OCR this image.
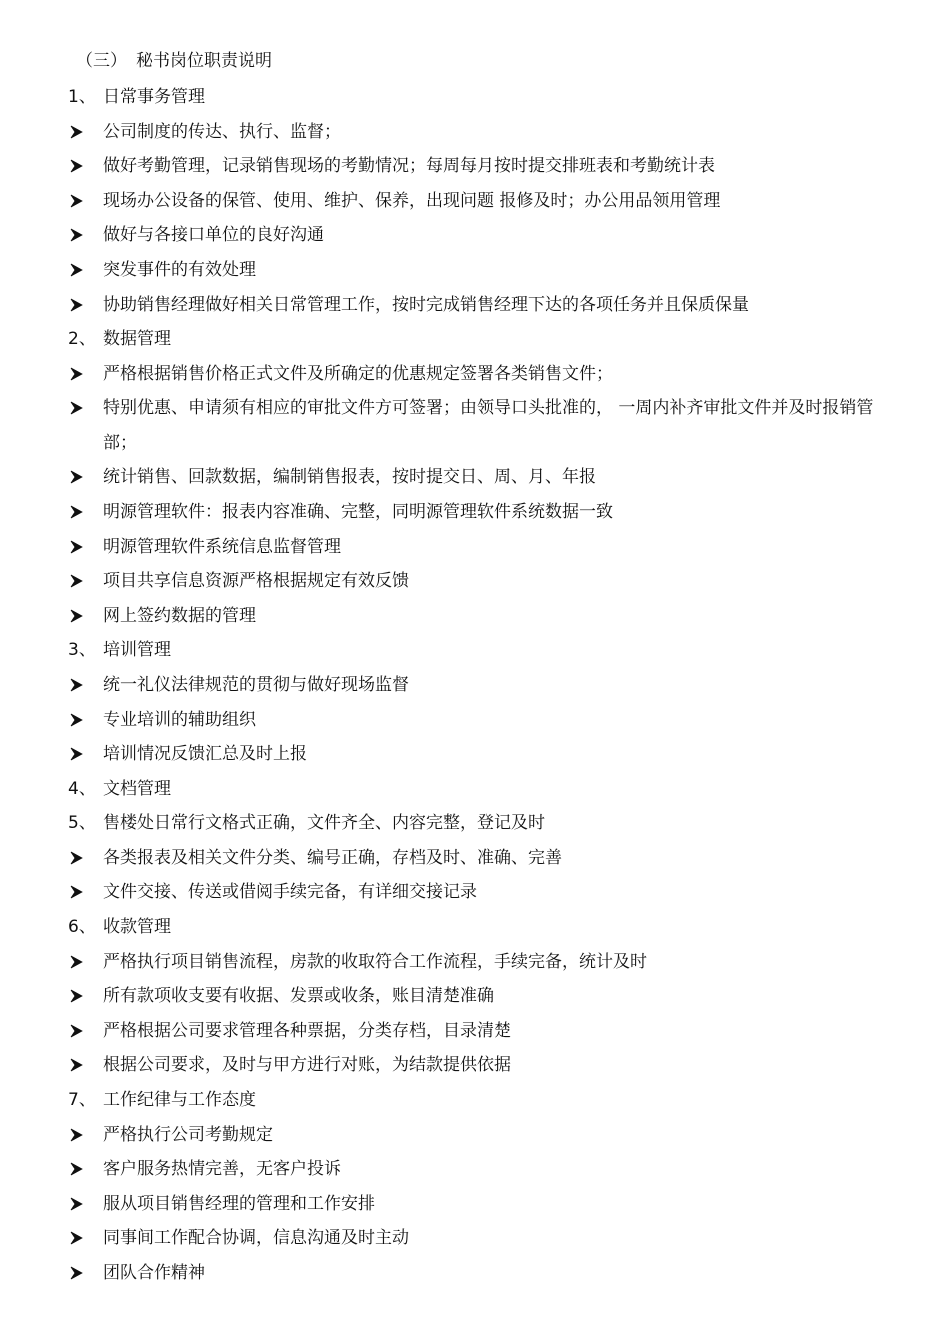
（三） 秘书岗位职责说明
1、 日常事务管理
公司制度的传达、执行、监督；
做好考勤管理，记录销售现场的考勤情况；每周每月按时提交排班表和考勤统计表
现场办公设备的保管、使用、维护、保养，出现问题 报修及时；办公用品领用管理
做好与各接口单位的良好沟通
突发事件的有效处理
协助销售经理做好相关日常管理工作，按时完成销售经理下达的各项任务并且保质保量
2、 数据管理
严格根据销售价格正式文件及所确定的优惠规定签署各类销售文件；
特别优惠、申请须有相应的审批文件方可签署；由领导口头批准的， 一周内补齐审批文件并及时报销管部；
统计销售、回款数据，编制销售报表，按时提交日、周、月、年报
明源管理软件：报表内容准确、完整，同明源管理软件系统数据一致
明源管理软件系统信息监督管理
项目共享信息资源严格根据规定有效反馈
网上签约数据的管理
3、 培训管理
统一礼仪法律规范的贯彻与做好现场监督
专业培训的辅助组织
培训情况反馈汇总及时上报
4、 文档管理
5、 售楼处日常行文格式正确，文件齐全、内容完整，登记及时
各类报表及相关文件分类、编号正确，存档及时、准确、完善
文件交接、传送或借阅手续完备，有详细交接记录
6、 收款管理
严格执行项目销售流程，房款的收取符合工作流程，手续完备，统计及时
所有款项收支要有收据、发票或收条，账目清楚准确
严格根据公司要求管理各种票据，分类存档，目录清楚
根据公司要求，及时与甲方进行对账，为结款提供依据
7、 工作纪律与工作态度
严格执行公司考勤规定
客户服务热情完善，无客户投诉
服从项目销售经理的管理和工作安排
同事间工作配合协调，信息沟通及时主动
团队合作精神
